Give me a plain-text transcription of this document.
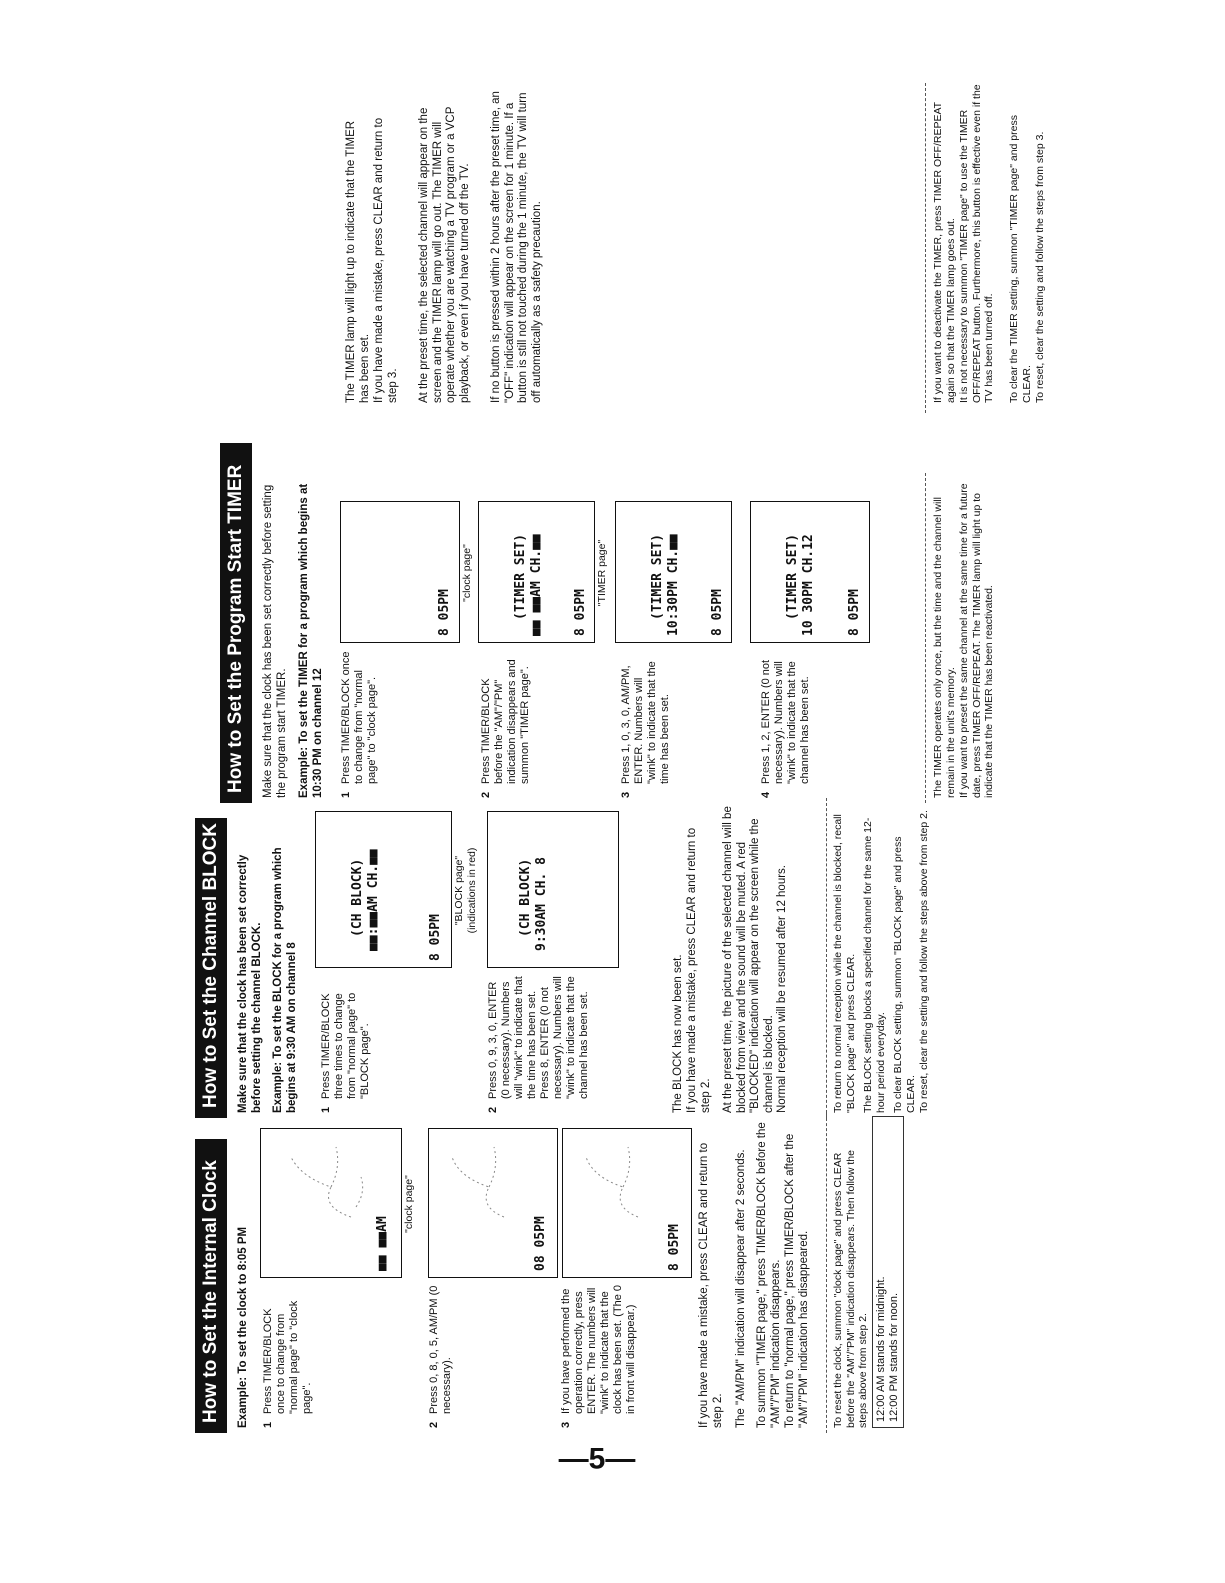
How to Set the Internal Clock	Example: To set the clock to 8:05 PM 1
Press TIMER/BLOCK once to change from "normal page" to "clock page".
■■ ■■AM
"clock page"
2
Press 0, 8, 0, 5, AM/PM (0 necessary).
08 05PM
3
If you have performed the operation correctly, press ENTER. The numbers will "wink" to indicate that the clock has been set. (The 0 in front will disappear.)
8 05PM If you have made a mistake, press CLEAR and return to step 2. The "AM/PM" indication will disappear after 2 seconds. To summon "TIMER page," press TIMER/BLOCK before the "AM"/"PM" indication disappears. To return to "normal page," press TIMER/BLOCK after the "AM"/"PM" indication has disappeared. To reset the clock, summon "clock page" and press CLEAR before the "AM"/"PM" indication disappears. Then follow the steps above from step 2. 12:00 AM stands for midnight. 12:00 PM stands for noon.
How to Set the Channel BLOCK	Make sure that the clock has been set correctly before setting the channel BLOCK. Example: To set the BLOCK for a program which begins at 9:30 AM on channel 8 1
Press TIMER/BLOCK three times to change from "normal page" to "BLOCK page".
(CH BLOCK) ■■:■■AM CH.■■	8 05PM
"BLOCK page" (indications in red)
2
Press 0, 9, 3, 0, ENTER (0 necessary). Numbers will "wink" to indicate that the time has been set. Press 8, ENTER (0 not necessary). Numbers will "wink" to indicate that the channel has been set.
(CH BLOCK) 9:30AM CH. 8
The BLOCK has now been set. If you have made a mistake, press CLEAR and return to step 2. At the preset time, the picture of the selected channel will be blocked from view and the sound will be muted. A red "BLOCKED" indication will appear on the screen while the channel is blocked. Normal reception will be resumed after 12 hours.	To return to normal reception while the channel is blocked, recall "BLOCK page" and press CLEAR. The BLOCK setting blocks a specified channel for the same 12-hour period everyday. To clear BLOCK setting, summon "BLOCK page" and press CLEAR. To reset, clear the setting and follow the steps above from step 2.
How to Set the Program Start TIMER	Make sure that the clock has been set correctly before setting the program start TIMER. Example: To set the TIMER for a program which begins at 10:30 PM on channel 12 1
Press TIMER/BLOCK once to change from "normal page" to "clock page".
8 05PM
"clock page"
2
Press TIMER/BLOCK before the "AM"/"PM" indication disappears and summon "TIMER page".
(TIMER SET) ■■ ■■AM CH.■■ 8 05PM
"TIMER page"
3
Press 1, 0, 3, 0, AM/PM, ENTER. Numbers will "wink" to indicate that the time has been set.
(TIMER SET) 10:30PM CH.■■ 8 05PM
4
Press 1, 2, ENTER (0 not necessary). Numbers will "wink" to indicate that the channel has been set.
(TIMER SET) 10 30PM CH.12 8 05PM	The TIMER operates only once, but the time and the channel will remain in the unit's memory. If you want to preset the same channel at the same time for a future date, press TIMER OFF/REPEAT. The TIMER lamp will light up to indicate that the TIMER has been reactivated.
The TIMER lamp will light up to indicate that the TIMER has been set. If you have made a mistake, press CLEAR and return to step 3. At the preset time, the selected channel will appear on the screen and the TIMER lamp will go out. The TIMER will operate whether you are watching a TV program or a VCP playback, or even if you have turned off the TV. If no button is pressed within 2 hours after the preset time, an "OFF" indication will appear on the screen for 1 minute. If a button is still not touched during the 1 minute, the TV will turn off automatically as a safety precaution.	If you want to deactivate the TIMER, press TIMER OFF/REPEAT again so that the TIMER lamp goes out. It is not necessary to summon "TIMER page" to use the TIMER OFF/REPEAT button. Furthermore, this button is effective even if the TV has been turned off. To clear the TIMER setting, summon "TIMER page" and press CLEAR. To reset, clear the setting and follow the steps from step 3.
—5—
